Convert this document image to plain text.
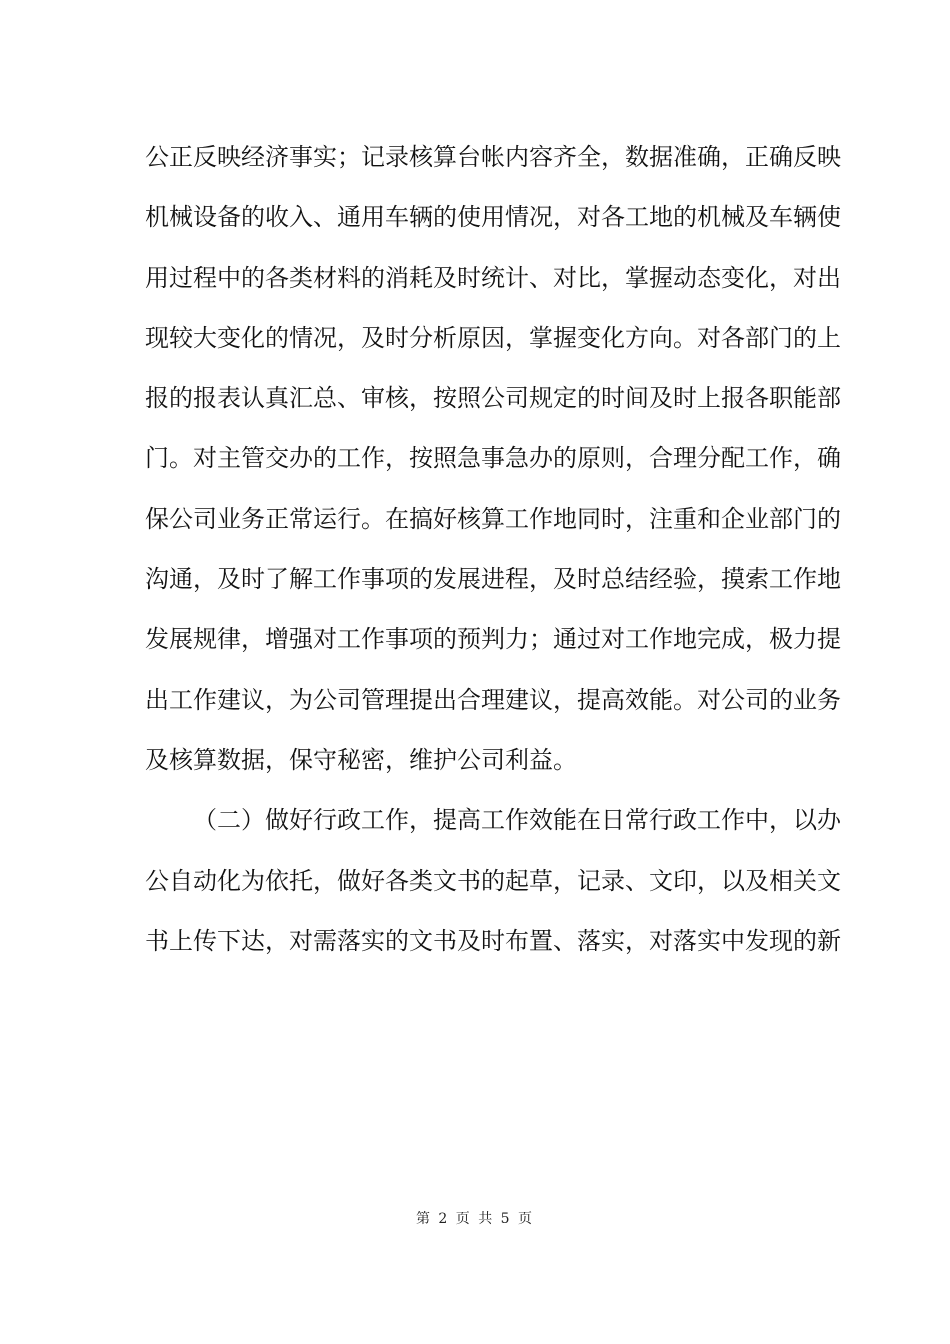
公正反映经济事实；记录核算台帐内容齐全，数据准确，正确反映
机械设备的收入、通用车辆的使用情况，对各工地的机械及车辆使
用过程中的各类材料的消耗及时统计、对比，掌握动态变化，对出
现较大变化的情况，及时分析原因，掌握变化方向。对各部门的上
报的报表认真汇总、审核，按照公司规定的时间及时上报各职能部
门。对主管交办的工作，按照急事急办的原则，合理分配工作，确
保公司业务正常运行。在搞好核算工作地同时，注重和企业部门的
沟通，及时了解工作事项的发展进程，及时总结经验，摸索工作地
发展规律，增强对工作事项的预判力；通过对工作地完成，极力提
出工作建议，为公司管理提出合理建议，提高效能。对公司的业务
及核算数据，保守秘密，维护公司利益。
（二）做好行政工作，提高工作效能在日常行政工作中，以办
公自动化为依托，做好各类文书的起草，记录、文印，以及相关文
书上传下达，对需落实的文书及时布置、落实，对落实中发现的新
第 2 页 共 5 页
